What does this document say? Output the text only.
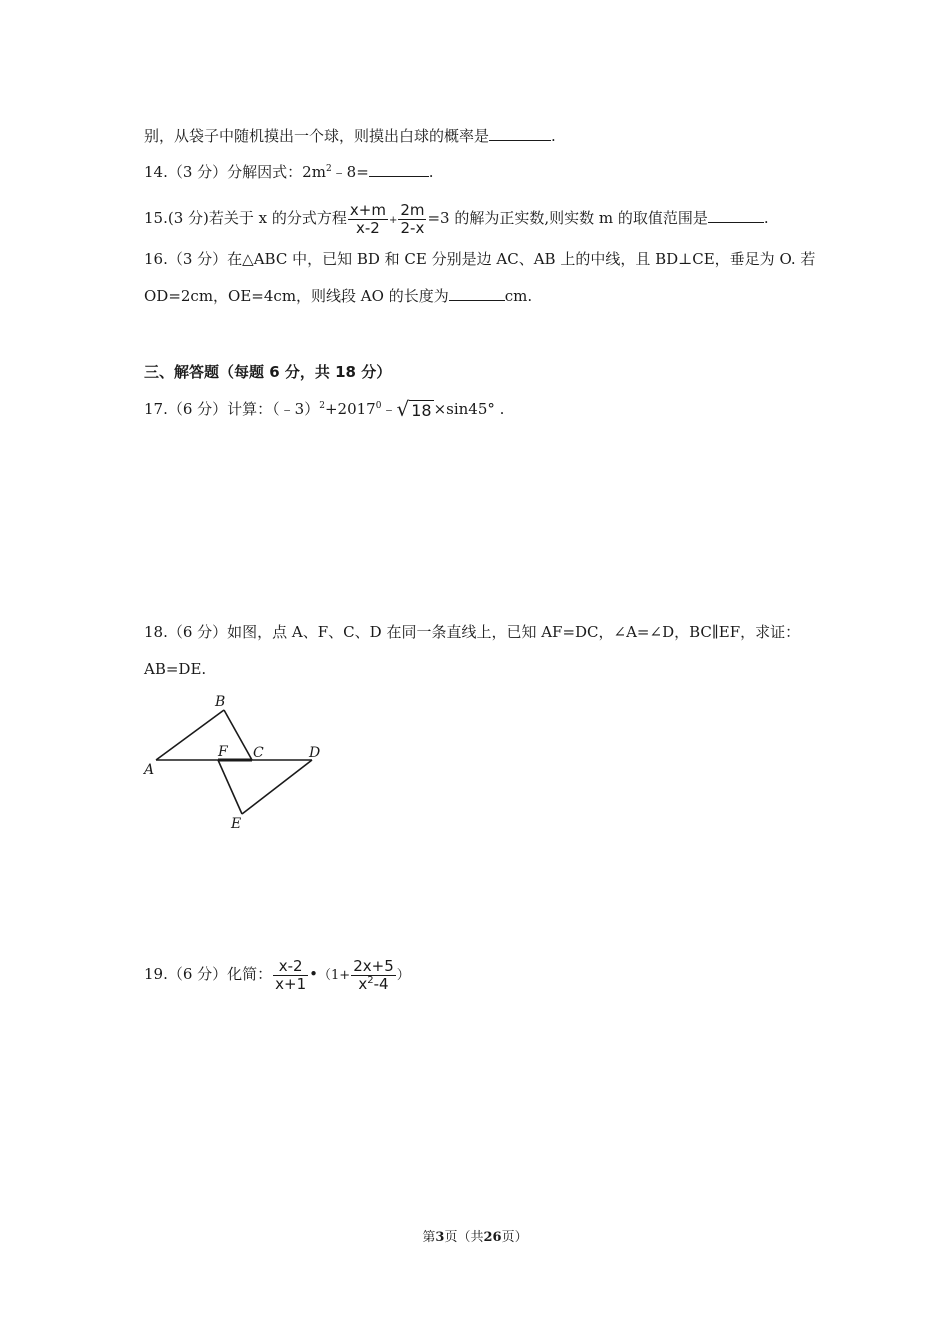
别，从袋子中随机摸出一个球，则摸出白球的概率是	.
14.（3 分）分解因式：$2m^2﹣8=$	.
15.(3 分)若关于 x 的分式方程 $\frac{x+m}{x-2} + \frac{2m}{2-x} =3$ 的解为正实数,则实数 m 的取值范围是	.
16.（3 分）在△ABC 中，已知 BD 和 CE 分别是边 AC、AB 上的中线，且 BD⊥CE，垂足为 O. 若
OD=2cm，OE=4cm，则线段 AO 的长度为	cm.
三、解答题（每题 6 分，共 18 分）
17.（6 分）计算：$(﹣3)^2+2017^0﹣√$ 18 ×sin45° .
18.（6 分）如图，点 A、F、C、D 在同一条直线上，已知 AF=DC，∠A=∠D，BC∥EF，求证：
AB=DE.
A
B
C	D
E
F
19.（6 分）化简： $\frac{x-2}{x+1}$ •（1+ $\frac{2x+5}{x^2-4}$ ）
第3页（共26页）
